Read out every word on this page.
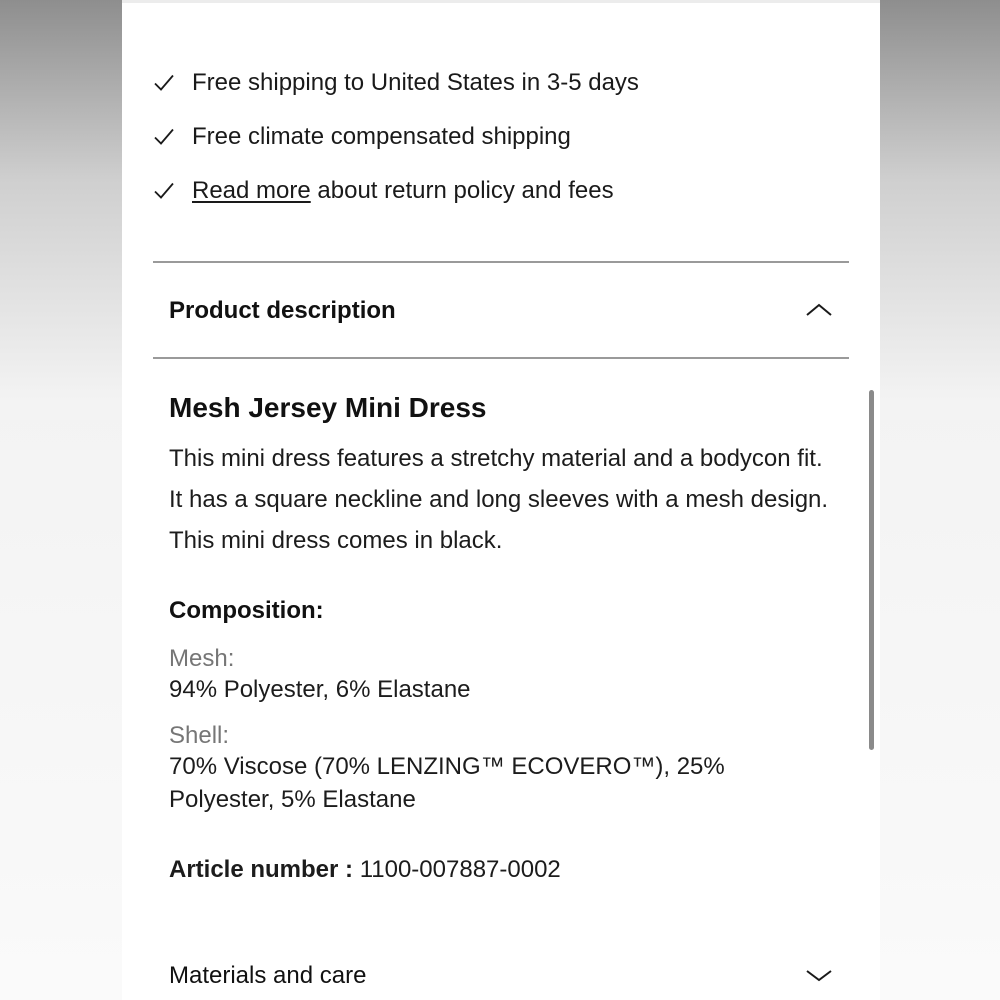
Free shipping to United States in 3-5 days
Free climate compensated shipping
Read more about return policy and fees
Product description
Mesh Jersey Mini Dress

This mini dress features a stretchy material and a bodycon fit. It has a square neckline and long sleeves with a mesh design. This mini dress comes in black.

Composition:
Mesh:
94% Polyester, 6% Elastane
Shell:
70% Viscose (70% LENZING™ ECOVERO™), 25% Polyester, 5% Elastane
Article number : 1100-007887-0002
Materials and care
